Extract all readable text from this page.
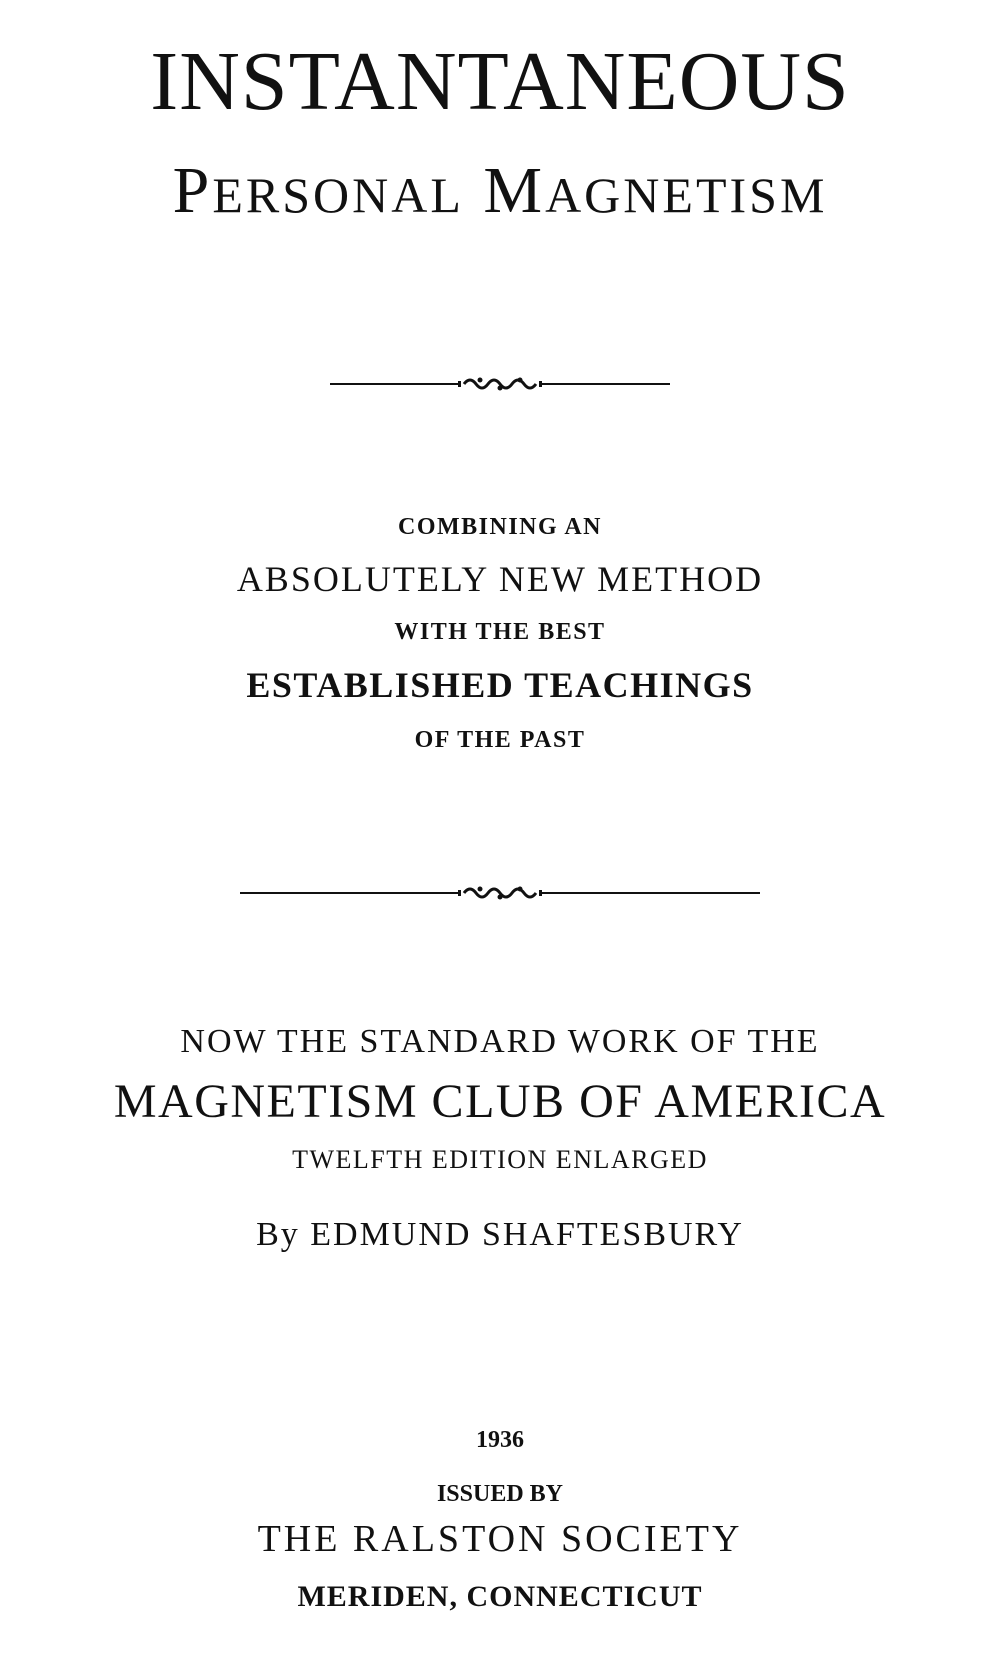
INSTANTANEOUS
PERSONAL MAGNETISM
COMBINING AN
ABSOLUTELY NEW METHOD
WITH THE BEST
ESTABLISHED TEACHINGS
OF THE PAST
NOW THE STANDARD WORK OF THE
MAGNETISM CLUB OF AMERICA
TWELFTH EDITION ENLARGED
By EDMUND SHAFTESBURY
1936
ISSUED BY
THE RALSTON SOCIETY
MERIDEN, CONNECTICUT
